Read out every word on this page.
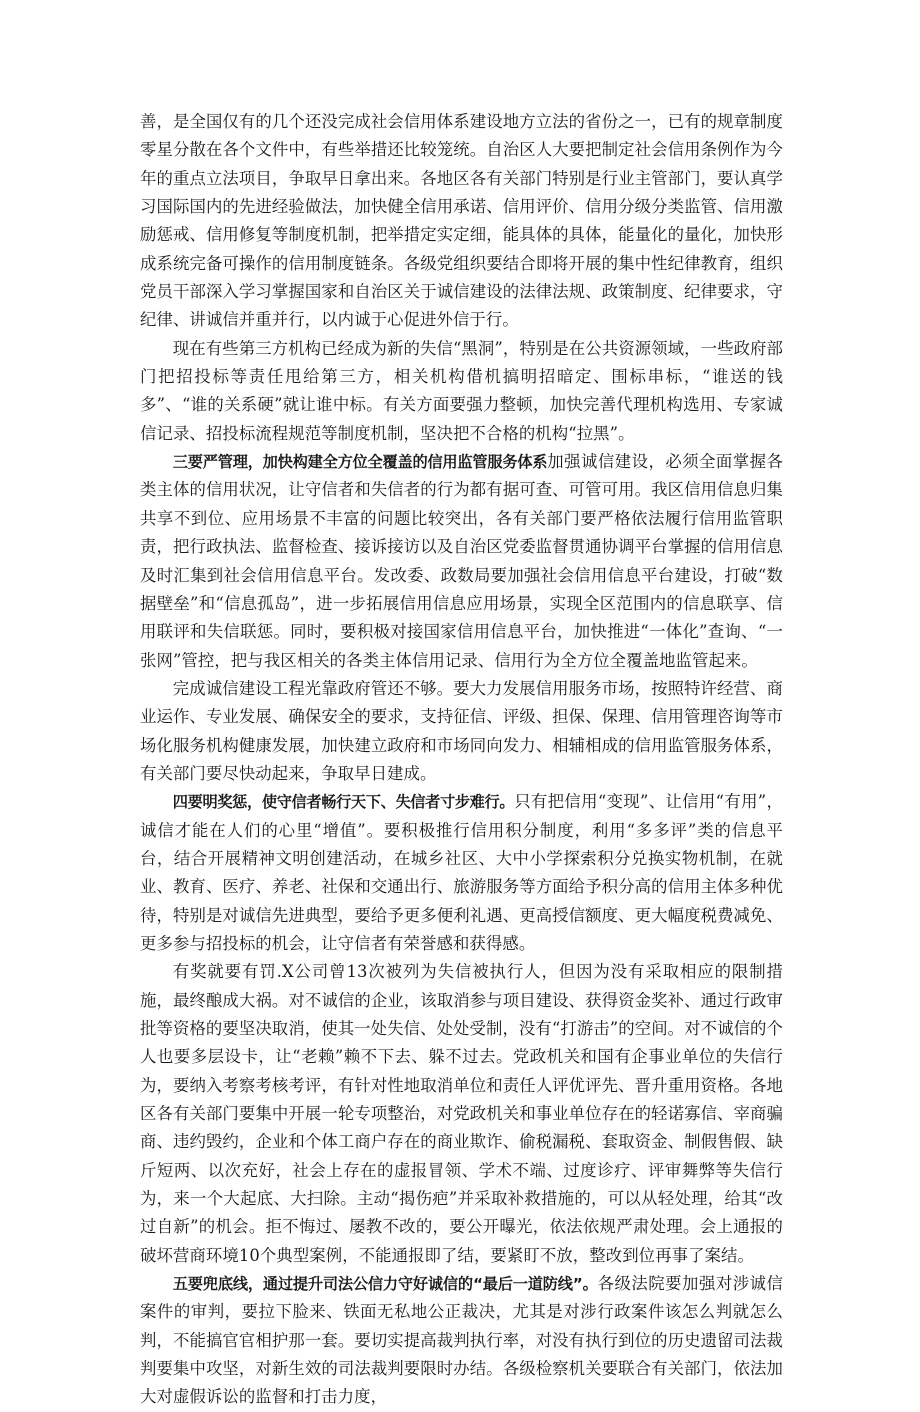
善，是全国仅有的几个还没完成社会信用体系建设地方立法的省份之一，已有的规章制度零星分散在各个文件中，有些举措还比较笼统。自治区人大要把制定社会信用条例作为今年的重点立法项目，争取早日拿出来。各地区各有关部门特别是行业主管部门，要认真学习国际国内的先进经验做法，加快健全信用承诺、信用评价、信用分级分类监管、信用激励惩戒、信用修复等制度机制，把举措定实定细，能具体的具体，能量化的量化，加快形成系统完备可操作的信用制度链条。各级党组织要结合即将开展的集中性纪律教育，组织党员干部深入学习掌握国家和自治区关于诚信建设的法律法规、政策制度、纪律要求，守纪律、讲诚信并重并行，以内诚于心促进外信于行。

现在有些第三方机构已经成为新的失信“黑洞”，特别是在公共资源领域，一些政府部门把招投标等责任甩给第三方，相关机构借机搞明招暗定、围标串标，“谁送的钱多”、“谁的关系硬”就让谁中标。有关方面要强力整顿，加快完善代理机构选用、专家诚信记录、招投标流程规范等制度机制，坚决把不合格的机构“拉黑”。

三要严管理，加快构建全方位全覆盖的信用监管服务体系加强诚信建设，必须全面掌握各类主体的信用状况，让守信者和失信者的行为都有据可查、可管可用。我区信用信息归集共享不到位、应用场景不丰富的问题比较突出，各有关部门要严格依法履行信用监管职责，把行政执法、监督检查、接诉接访以及自治区党委监督贯通协调平台掌握的信用信息及时汇集到社会信用信息平台。发改委、政数局要加强社会信用信息平台建设，打破“数据壁垒”和“信息孤岛”，进一步拓展信用信息应用场景，实现全区范围内的信息联享、信用联评和失信联惩。同时，要积极对接国家信用信息平台，加快推进“一体化”查询、“一张网”管控，把与我区相关的各类主体信用记录、信用行为全方位全覆盖地监管起来。

完成诚信建设工程光靠政府管还不够。要大力发展信用服务市场，按照特许经营、商业运作、专业发展、确保安全的要求，支持征信、评级、担保、保理、信用管理咨询等市场化服务机构健康发展，加快建立政府和市场同向发力、相辅相成的信用监管服务体系，有关部门要尽快动起来，争取早日建成。

四要明奖惩，使守信者畅行天下、失信者寸步难行。只有把信用“变现”、让信用“有用”，诚信才能在人们的心里“增值”。要积极推行信用积分制度，利用“多多评”类的信息平台，结合开展精神文明创建活动，在城乡社区、大中小学探索积分兑换实物机制，在就业、教育、医疗、养老、社保和交通出行、旅游服务等方面给予积分高的信用主体多种优待，特别是对诚信先进典型，要给予更多便利礼遇、更高授信额度、更大幅度税费减免、更多参与招投标的机会，让守信者有荣誉感和获得感。

有奖就要有罚.X公司曾13次被列为失信被执行人，但因为没有采取相应的限制措施，最终酿成大祸。对不诚信的企业，该取消参与项目建设、获得资金奖补、通过行政审批等资格的要坚决取消，使其一处失信、处处受制，没有“打游击”的空间。对不诚信的个人也要多层设卡，让“老赖”赖不下去、躲不过去。党政机关和国有企事业单位的失信行为，要纳入考察考核考评，有针对性地取消单位和责任人评优评先、晋升重用资格。各地区各有关部门要集中开展一轮专项整治，对党政机关和事业单位存在的轻诺寡信、宰商骗商、违约毁约，企业和个体工商户存在的商业欺诈、偷税漏税、套取资金、制假售假、缺斤短两、以次充好，社会上存在的虚报冒领、学术不端、过度诊疗、评审舞弊等失信行为，来一个大起底、大扫除。主动“揭伤疤”并采取补救措施的，可以从轻处理，给其“改过自新”的机会。拒不悔过、屡教不改的，要公开曝光，依法依规严肃处理。会上通报的破坏营商环境10个典型案例，不能通报即了结，要紧盯不放，整改到位再事了案结。

五要兜底线，通过提升司法公信力守好诚信的“最后一道防线”。各级法院要加强对涉诚信案件的审判，要拉下脸来、铁面无私地公正裁决，尤其是对涉行政案件该怎么判就怎么判，不能搞官官相护那一套。要切实提高裁判执行率，对没有执行到位的历史遗留司法裁判要集中攻坚，对新生效的司法裁判要限时办结。各级检察机关要联合有关部门，依法加大对虚假诉讼的监督和打击力度，
